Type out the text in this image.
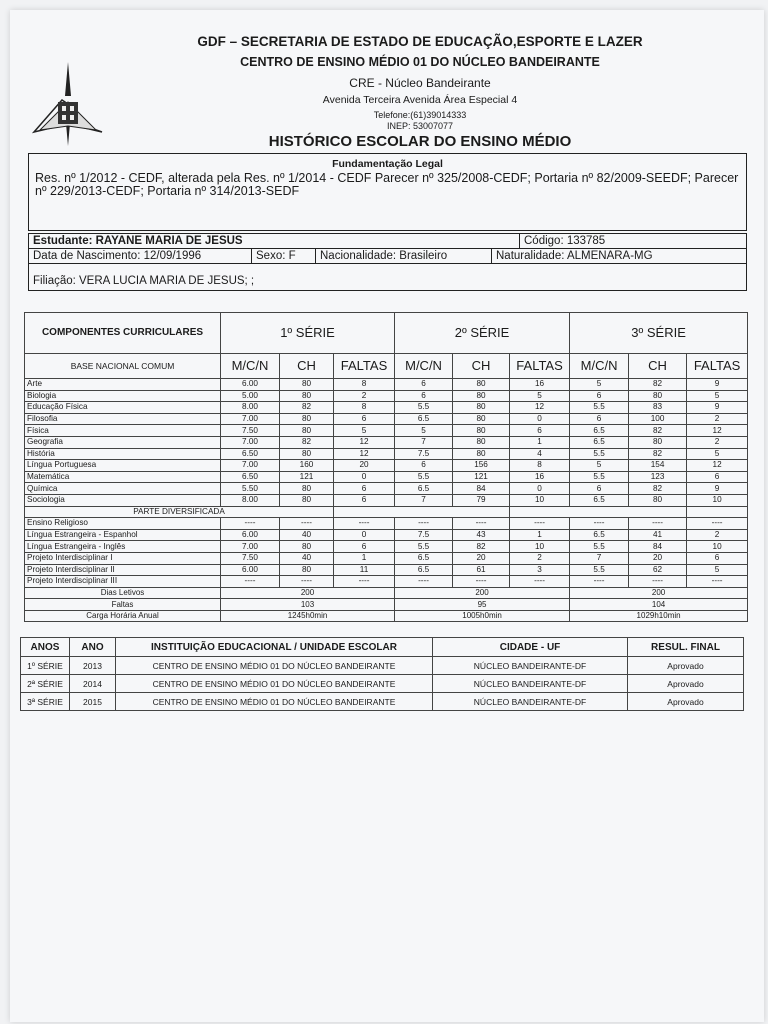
GDF – SECRETARIA DE ESTADO DE EDUCAÇÃO,ESPORTE E LAZER
CENTRO DE ENSINO MÉDIO 01 DO NÚCLEO BANDEIRANTE
CRE - Núcleo Bandeirante
Avenida Terceira Avenida Área Especial 4
Telefone:(61)39014333
INEP: 53007077
HISTÓRICO ESCOLAR DO ENSINO MÉDIO
Fundamentação Legal
Res. nº 1/2012 - CEDF, alterada pela Res. nº 1/2014 - CEDF Parecer nº 325/2008-CEDF; Portaria nº 82/2009-SEEDF; Parecer nº 229/2013-CEDF; Portaria nº 314/2013-SEDF
Estudante: RAYANE MARIA DE JESUS	Código: 133785
Data de Nascimento: 12/09/1996	Sexo: F	Nacionalidade: Brasileiro	Naturalidade: ALMENARA-MG
Filiação: VERA LUCIA MARIA DE JESUS; ;
COMPONENTES CURRICULARES	1º SÉRIE			2º SÉRIE			3º SÉRIE		
BASE NACIONAL COMUM	M/C/N	CH	FALTAS	M/C/N	CH	FALTAS	M/C/N	CH	FALTAS
Arte	6.00	80	8	6	80	16	5	82	9
Biologia	5.00	80	2	6	80	5	6	80	5
Educação Física	8.00	82	8	5.5	80	12	5.5	83	9
Filosofia	7.00	80	6	6.5	80	0	6	100	2
Física	7.50	80	5	5	80	6	6.5	82	12
Geografia	7.00	82	12	7	80	1	6.5	80	2
História	6.50	80	12	7.5	80	4	5.5	82	5
Língua Portuguesa	7.00	160	20	6	156	8	5	154	12
Matemática	6.50	121	0	5.5	121	16	5.5	123	6
Química	5.50	80	6	6.5	84	0	6	82	9
Sociologia	8.00	80	6	7	79	10	6.5	80	10
PARTE DIVERSIFICADA									
Ensino Religioso	----	----	----	----	----	----	----	----	----
Língua Estrangeira - Espanhol	6.00	40	0	7.5	43	1	6.5	41	2
Língua Estrangeira - Inglês	7.00	80	6	5.5	82	10	5.5	84	10
Projeto Interdisciplinar I	7.50	40	1	6.5	20	2	7	20	6
Projeto Interdisciplinar II	6.00	80	11	6.5	61	3	5.5	62	5
Projeto Interdisciplinar III	----	----	----	----	----	----	----	----	----
Dias Letivos	200			200			200		
Faltas	103			95			104		
Carga Horária Anual	1245h0min			1005h0min			1029h10min		
ANOS	ANO	INSTITUIÇÃO EDUCACIONAL / UNIDADE ESCOLAR	CIDADE - UF	RESUL. FINAL
1º SÉRIE	2013	CENTRO DE ENSINO MÉDIO 01 DO NÚCLEO BANDEIRANTE	NÚCLEO BANDEIRANTE-DF	Aprovado
2ª SÉRIE	2014	CENTRO DE ENSINO MÉDIO 01 DO NÚCLEO BANDEIRANTE	NÚCLEO BANDEIRANTE-DF	Aprovado
3ª SÉRIE	2015	CENTRO DE ENSINO MÉDIO 01 DO NÚCLEO BANDEIRANTE	NÚCLEO BANDEIRANTE-DF	Aprovado
